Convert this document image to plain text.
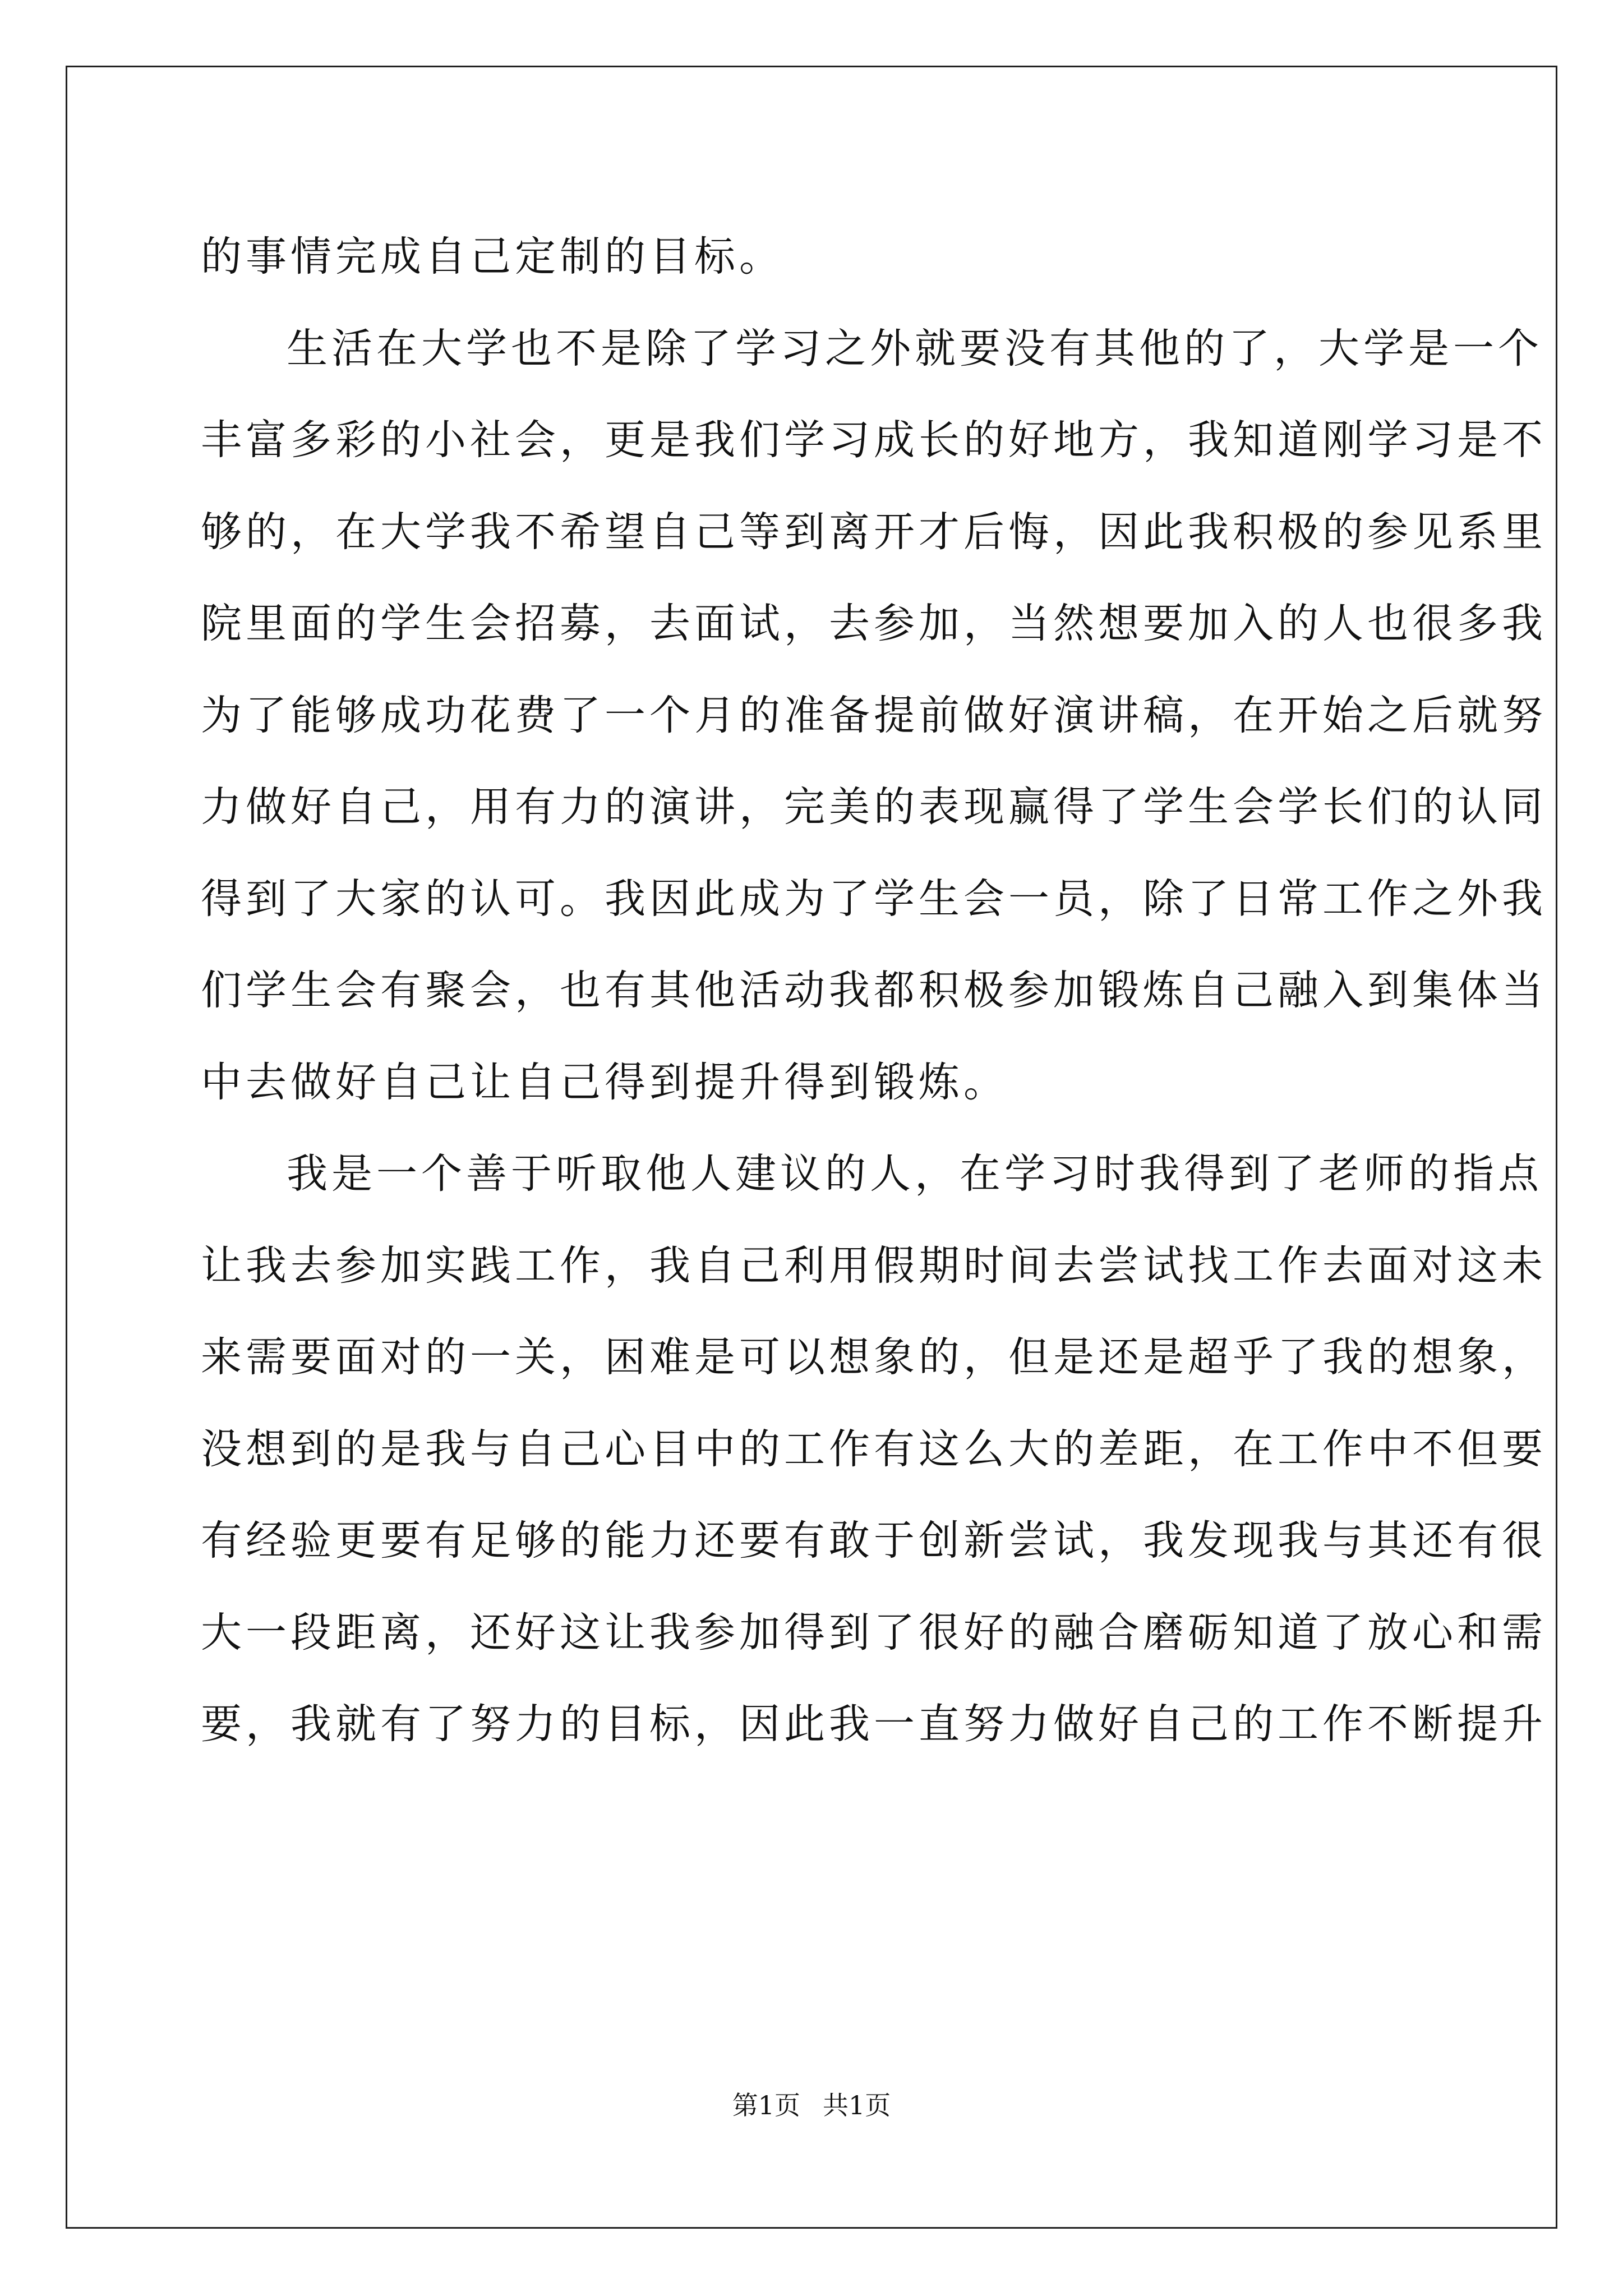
的事情完成自己定制的目标。
生活在大学也不是除了学习之外就要没有其他的了，大学是一个
丰富多彩的小社会，更是我们学习成长的好地方，我知道刚学习是不
够的，在大学我不希望自己等到离开才后悔，因此我积极的参见系里
院里面的学生会招募，去面试，去参加，当然想要加入的人也很多我
为了能够成功花费了一个月的准备提前做好演讲稿，在开始之后就努
力做好自己，用有力的演讲，完美的表现赢得了学生会学长们的认同
得到了大家的认可。我因此成为了学生会一员，除了日常工作之外我
们学生会有聚会，也有其他活动我都积极参加锻炼自己融入到集体当
中去做好自己让自己得到提升得到锻炼。
我是一个善于听取他人建议的人，在学习时我得到了老师的指点
让我去参加实践工作，我自己利用假期时间去尝试找工作去面对这未
来需要面对的一关，困难是可以想象的，但是还是超乎了我的想象，
没想到的是我与自己心目中的工作有这么大的差距，在工作中不但要
有经验更要有足够的能力还要有敢于创新尝试，我发现我与其还有很
大一段距离，还好这让我参加得到了很好的融合磨砺知道了放心和需
要，我就有了努力的目标，因此我一直努力做好自己的工作不断提升
第1页 共1页
